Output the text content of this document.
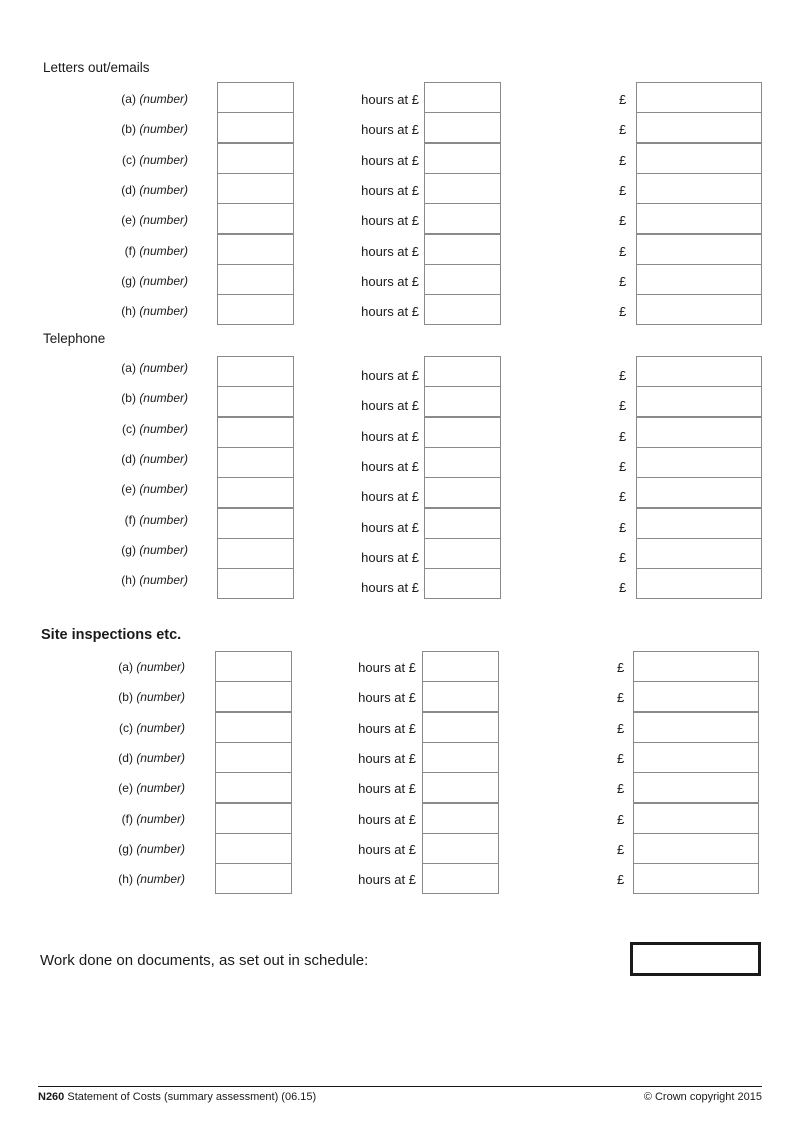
Letters out/emails
(a) (number)	hours at £	£
(b) (number)	hours at £	£
(c) (number)	hours at £	£
(d) (number)	hours at £	£
(e) (number)	hours at £	£
(f) (number)	hours at £	£
(g) (number)	hours at £	£
(h) (number)	hours at £	£
Telephone
(a) (number)	hours at £	£
(b) (number)	hours at £	£
(c) (number)	hours at £	£
(d) (number)	hours at £	£
(e) (number)	hours at £	£
(f) (number)	hours at £	£
(g) (number)	hours at £	£
(h) (number)	hours at £	£
Site inspections etc.
(a) (number)	hours at £	£
(b) (number)	hours at £	£
(c) (number)	hours at £	£
(d) (number)	hours at £	£
(e) (number)	hours at £	£
(f) (number)	hours at £	£
(g) (number)	hours at £	£
(h) (number)	hours at £	£
Work done on documents, as set out in schedule:
N260 Statement of Costs (summary assessment) (06.15)	© Crown copyright 2015
